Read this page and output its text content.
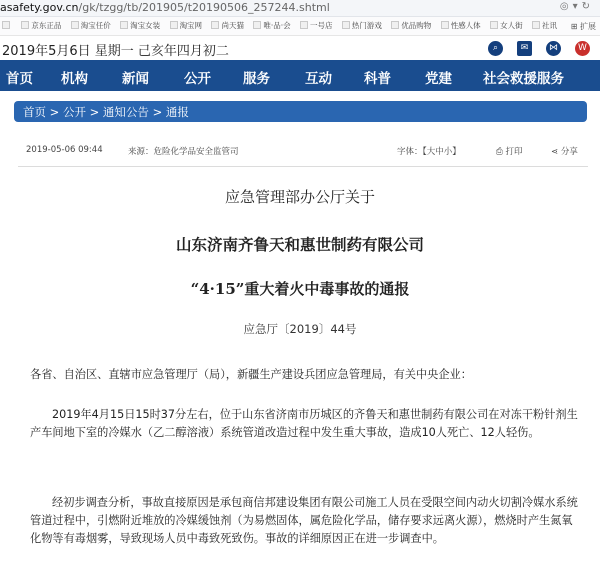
asafety.gov.cn/gk/tzgg/tb/201905/t20190506_257244.shtml	◎▾↻
京东正品	淘宝任价	淘宝女装	淘宝网	尚天猫	唯·品·会	一号店	热门游戏	优品购物	性感人体	女人街	社讯	⊞ 扩展
2019年5月6日 星期一 己亥年四月初二	⌕	✉	⋈	W
首页 机构	新闻	公开 服务	互动 科普	党建 社会救援服务
首页 > 公开 > 通知公告 > 通报
2019-05-06 09:44	来源：危险化学品安全监管司	字体：【大中小】	⎙ 打印	⋖ 分享
应急管理部办公厅关于
山东济南齐鲁天和惠世制药有限公司
“4·15”重大着火中毒事故的通报
应急厅〔2019〕44号
各省、自治区、直辖市应急管理厅（局），新疆生产建设兵团应急管理局，有关中央企业：
2019年4月15日15时37分左右，位于山东省济南市历城区的齐鲁天和惠世制药有限公司在对冻干粉针剂生产车间地下室的冷媒水（乙二醇溶液）系统管道改造过程中发生重大事故，造成10人死亡、12人轻伤。
经初步调查分析，事故直接原因是承包商信邦建设集团有限公司施工人员在受限空间内动火切割冷媒水系统管道过程中，引燃附近堆放的冷媒缓蚀剂（为易燃固体，属危险化学品，储存要求远离火源），燃烧时产生氮氧化物等有毒烟雾，导致现场人员中毒致死致伤。事故的详细原因正在进一步调查中。
